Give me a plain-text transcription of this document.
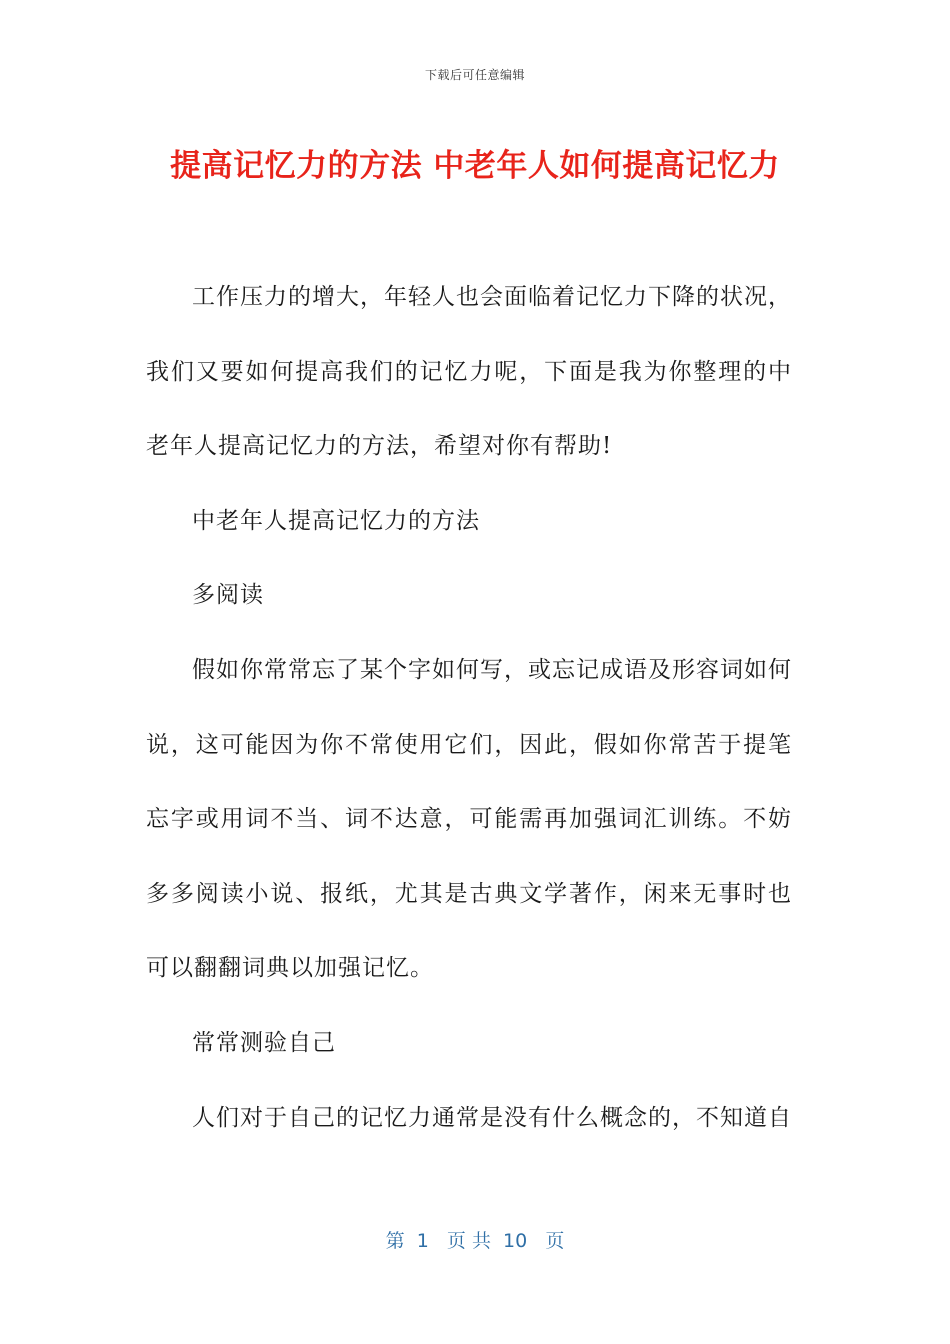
下载后可任意编辑
提高记忆力的方法 中老年人如何提高记忆力

工作压力的增大，年轻人也会面临着记忆力下降的状况，我们又要如何提高我们的记忆力呢，下面是我为你整理的中老年人提高记忆力的方法，希望对你有帮助!

中老年人提高记忆力的方法

多阅读

假如你常常忘了某个字如何写，或忘记成语及形容词如何说，这可能因为你不常使用它们，因此，假如你常苦于提笔忘字或用词不当、词不达意，可能需再加强词汇训练。不妨多多阅读小说、报纸，尤其是古典文学著作，闲来无事时也可以翻翻词典以加强记忆。

常常测验自己

人们对于自己的记忆力通常是没有什么概念的，不知道自

第  1   页 共  10   页
